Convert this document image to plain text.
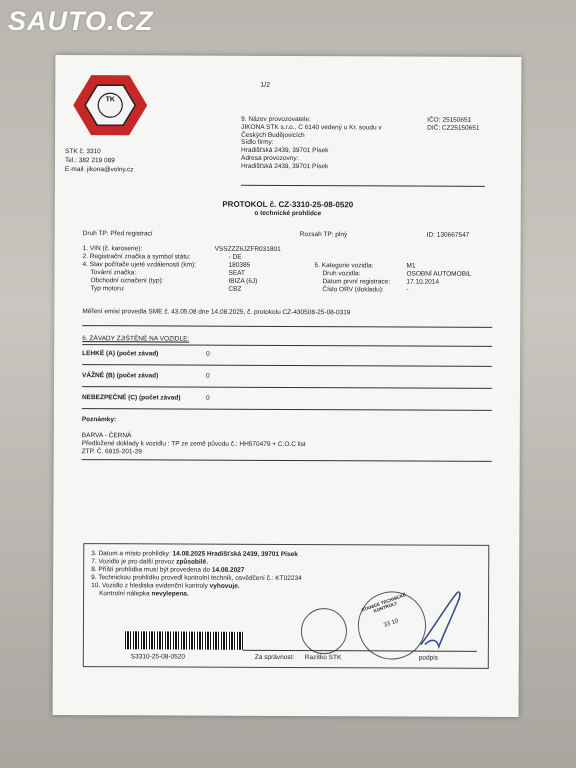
SAUTO.CZ
1/2
TK
STK č. 3310
Tel.: 382 219 089
E-mail: jikona@volny.cz
9. Název provozovatele:
JIKONA STK s.r.o., C 6140 vedený u Kr. soudu v
Českých Budějovicích
Sídlo firmy:
Hradišťská 2439, 39701 Písek
Adresa provozovny:
Hradišťská 2439, 39701 Písek
IČO: 25150651
DIČ: CZ25150651
PROTOKOL č. CZ-3310-25-08-0520
o technické prohlídce
Druh TP: Před registrací	Rozsah TP: plný	ID: 130667547
1. VIN (č. karoserie):	VSSZZZ6JZFR031801
2. Registrační značka a symbol státu:	- DE
4. Stav počítače ujeté vzdálenosti (km):	180385
Tovární značka:	SEAT
Obchodní označení (typ):	IBIZA (6J)
Typ motoru:	CBZ
5. Kategorie vozidla:	M1
Druh vozidla:	OSOBNÍ AUTOMOBIL
Datum první registrace:	17.10.2014
Číslo ORV (dokladu):	-
Měření emisí provedla SME č. 43.05.08 dne 14.08.2025, č. protokolu CZ-430508-25-08-0319
6. ZÁVADY ZJIŠTĚNÉ NA VOZIDLE:
LEHKÉ (A) (počet závad)	0
VÁŽNÉ (B) (počet závad)	0
NEBEZPEČNÉ (C) (počet závad)	0
Poznámky:
BARVA - ČERNÁ
Předložené doklady k vozidlu : TP ze země původu č.: HH570479 + C.O.C list
ZTP. Č. 6915-201-29
3. Datum a místo prohlídky: 14.08.2025 Hradišťská 2439, 39701 Písek
7. Vozidlo je pro další provoz způsobilé.
8. Příští prohlídka musí být provedena do 14.08.2027
9. Technickou prohlídku provedl kontrolní technik, osvědčení č.: KT02234
10. Vozidlo z hlediska evidenční kontroly vyhovuje.
Kontrolní nálepka nevylepena.	STANICE TECHNICKÉ KONTROLY
33 10
S3310-25-08-0520	Za správnost: Razítko STK	podpis
